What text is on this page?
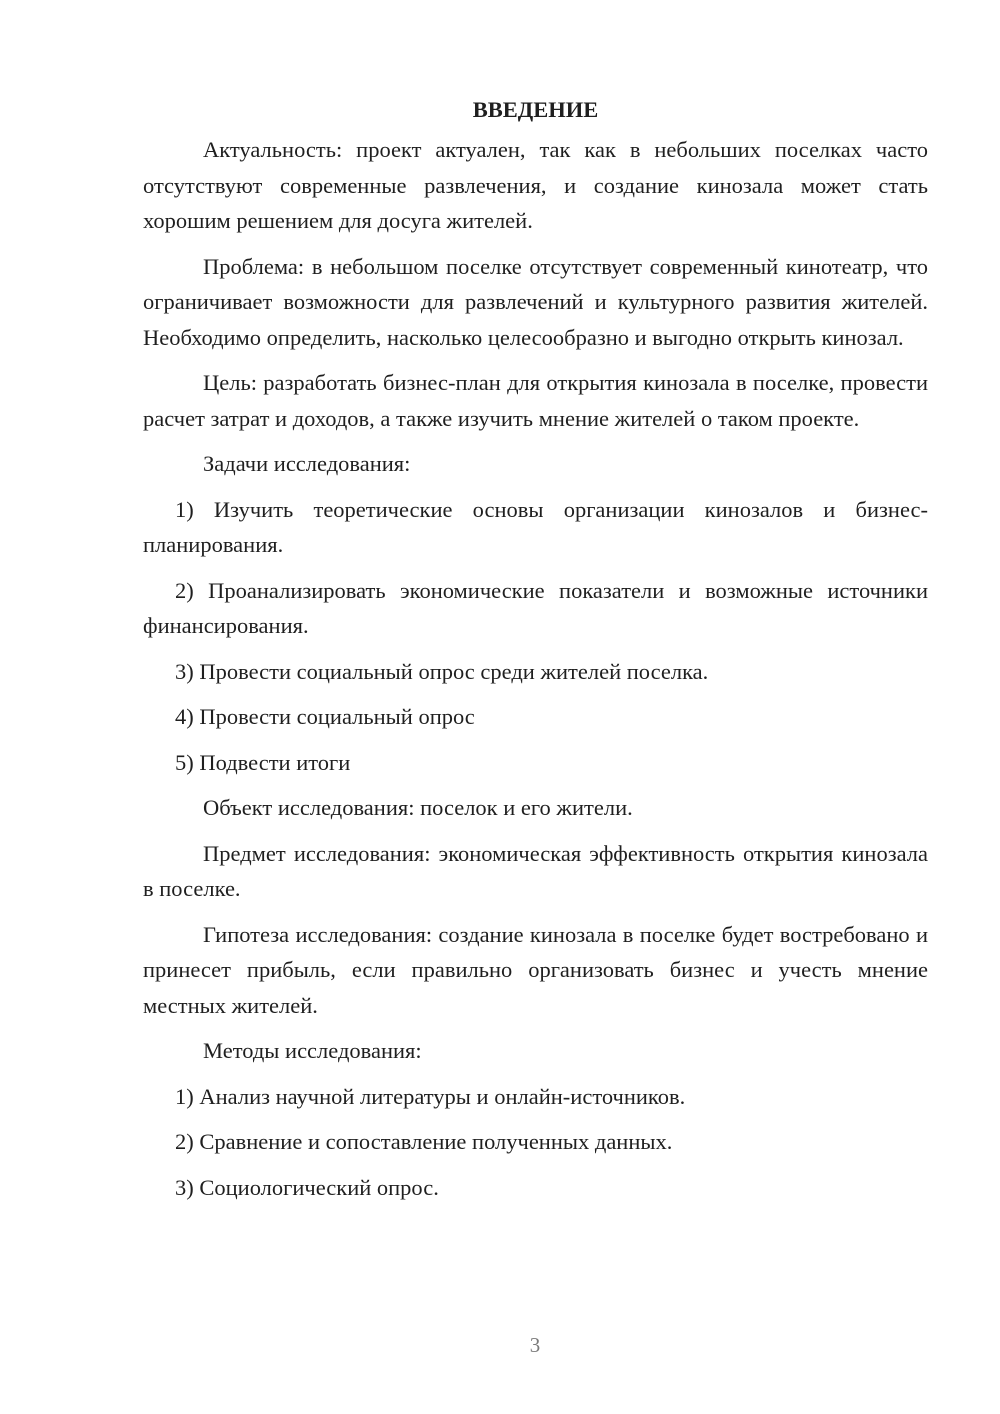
ВВЕДЕНИЕ

Актуальность: проект актуален, так как в небольших поселках часто отсутствуют современные развлечения, и создание кинозала может стать хорошим решением для досуга жителей.

Проблема: в небольшом поселке отсутствует современный кинотеатр, что ограничивает возможности для развлечений и культурного развития жителей. Необходимо определить, насколько целесообразно и выгодно открыть кинозал.

Цель: разработать бизнес-план для открытия кинозала в поселке, провести расчет затрат и доходов, а также изучить мнение жителей о таком проекте.

Задачи исследования:

1) Изучить теоретические основы организации кинозалов и бизнес-планирования.

2) Проанализировать экономические показатели и возможные источники финансирования.

3) Провести социальный опрос среди жителей поселка.

4) Провести социальный опрос

5) Подвести итоги

Объект исследования: поселок и его жители.

Предмет исследования: экономическая эффективность открытия кинозала в поселке.

Гипотеза исследования: создание кинозала в поселке будет востребовано и принесет прибыль, если правильно организовать бизнес и учесть мнение местных жителей.

Методы исследования:

1) Анализ научной литературы и онлайн-источников.

2) Сравнение и сопоставление полученных данных.

3) Социологический опрос.

3
